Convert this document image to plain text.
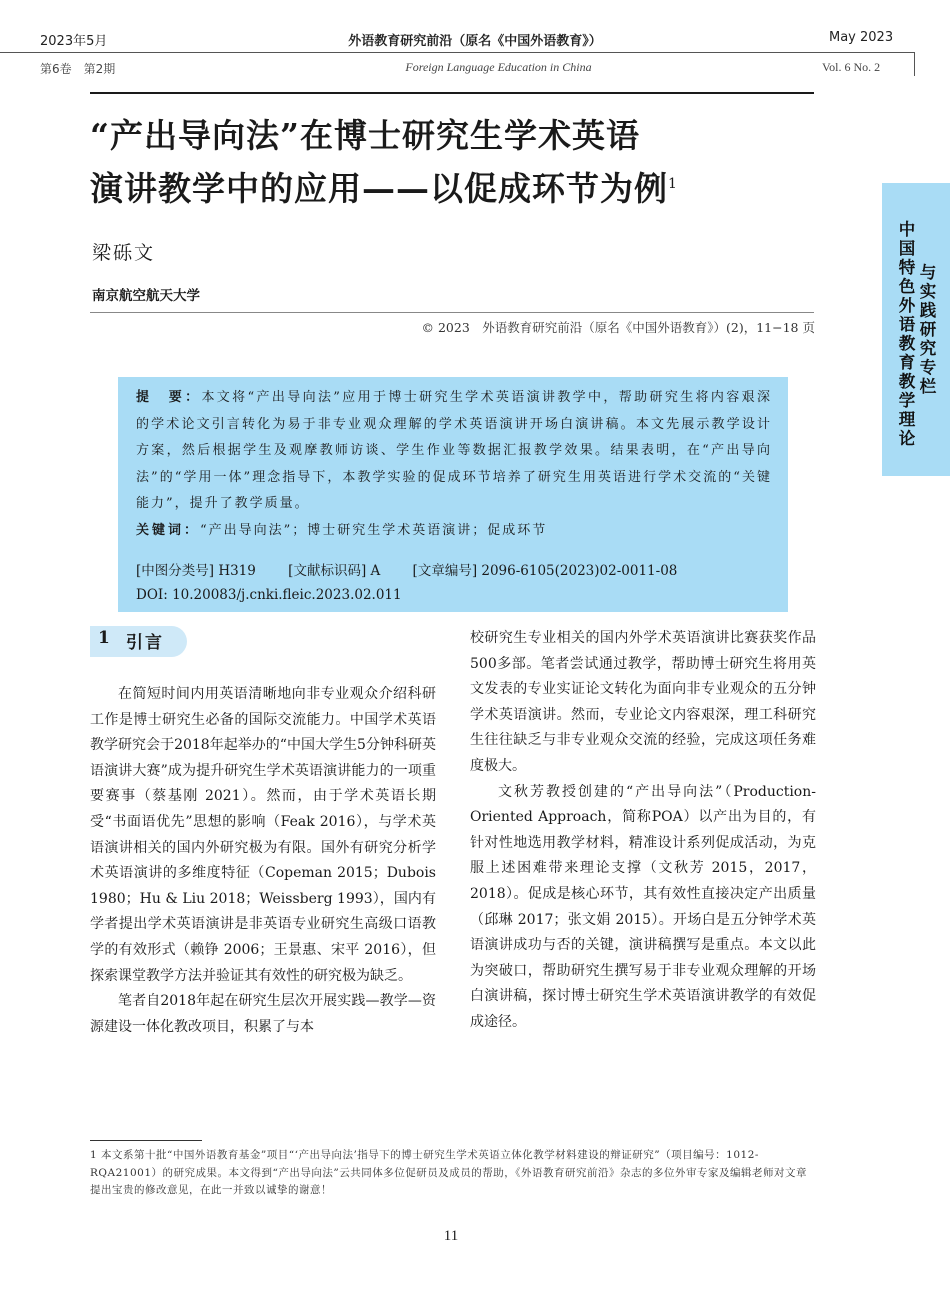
2023年5月	外语教育研究前沿（原名《中国外语教育》）	May 2023
第6卷　第2期	Foreign Language Education in China	Vol. 6 No. 2
“产出导向法”在博士研究生学术英语
演讲教学中的应用——以促成环节为例$^1$
梁砾文
南京航空航天大学
© 2023　外语教育研究前沿（原名《中国外语教育》）(2)，11−18 页
中国特色外语教育教学理论
与实践研究专栏
提　要：本文将“产出导向法”应用于博士研究生学术英语演讲教学中，帮助研究生将内容艰深的学术论文引言转化为易于非专业观众理解的学术英语演讲开场白演讲稿。本文先展示教学设计方案，然后根据学生及观摩教师访谈、学生作业等数据汇报教学效果。结果表明，在“产出导向法”的“学用一体”理念指导下，本教学实验的促成环节培养了研究生用英语进行学术交流的“关键能力”，提升了教学质量。
关键词：“产出导向法”；博士研究生学术英语演讲；促成环节
[中图分类号] H319 [文献标识码] A [文章编号] 2096-6105(2023)02-0011-08
DOI: 10.20083/j.cnki.fleic.2023.02.011
1 引言

在简短时间内用英语清晰地向非专业观众介绍科研工作是博士研究生必备的国际交流能力。中国学术英语教学研究会于2018年起举办的“中国大学生5分钟科研英语演讲大赛”成为提升研究生学术英语演讲能力的一项重要赛事（蔡基刚 2021）。然而，由于学术英语长期受“书面语优先”思想的影响（Feak 2016），与学术英语演讲相关的国内外研究极为有限。国外有研究分析学术英语演讲的多维度特征（Copeman 2015；Dubois 1980；Hu & Liu 2018；Weissberg 1993），国内有学者提出学术英语演讲是非英语专业研究生高级口语教学的有效形式（赖铮 2006；王景惠、宋平 2016），但探索课堂教学方法并验证其有效性的研究极为缺乏。

笔者自2018年起在研究生层次开展实践—教学—资源建设一体化教改项目，积累了与本

校研究生专业相关的国内外学术英语演讲比赛获奖作品500多部。笔者尝试通过教学，帮助博士研究生将用英文发表的专业实证论文转化为面向非专业观众的五分钟学术英语演讲。然而，专业论文内容艰深，理工科研究生往往缺乏与非专业观众交流的经验，完成这项任务难度极大。

文秋芳教授创建的“产出导向法”（Production-Oriented Approach，简称POA）以产出为目的，有针对性地选用教学材料，精准设计系列促成活动，为克服上述困难带来理论支撑（文秋芳 2015，2017，2018）。促成是核心环节，其有效性直接决定产出质量（邱琳 2017；张文娟 2015）。开场白是五分钟学术英语演讲成功与否的关键，演讲稿撰写是重点。本文以此为突破口，帮助研究生撰写易于非专业观众理解的开场白演讲稿，探讨博士研究生学术英语演讲教学的有效促成途径。

1 本文系第十批“中国外语教育基金”项目“‘产出导向法’指导下的博士研究生学术英语立体化教学材料建设的辩证研究”（项目编号：1012-RQA21001）的研究成果。本文得到“产出导向法”云共同体多位促研员及成员的帮助，《外语教育研究前沿》杂志的多位外审专家及编辑老师对文章提出宝贵的修改意见，在此一并致以诚挚的谢意！
11
